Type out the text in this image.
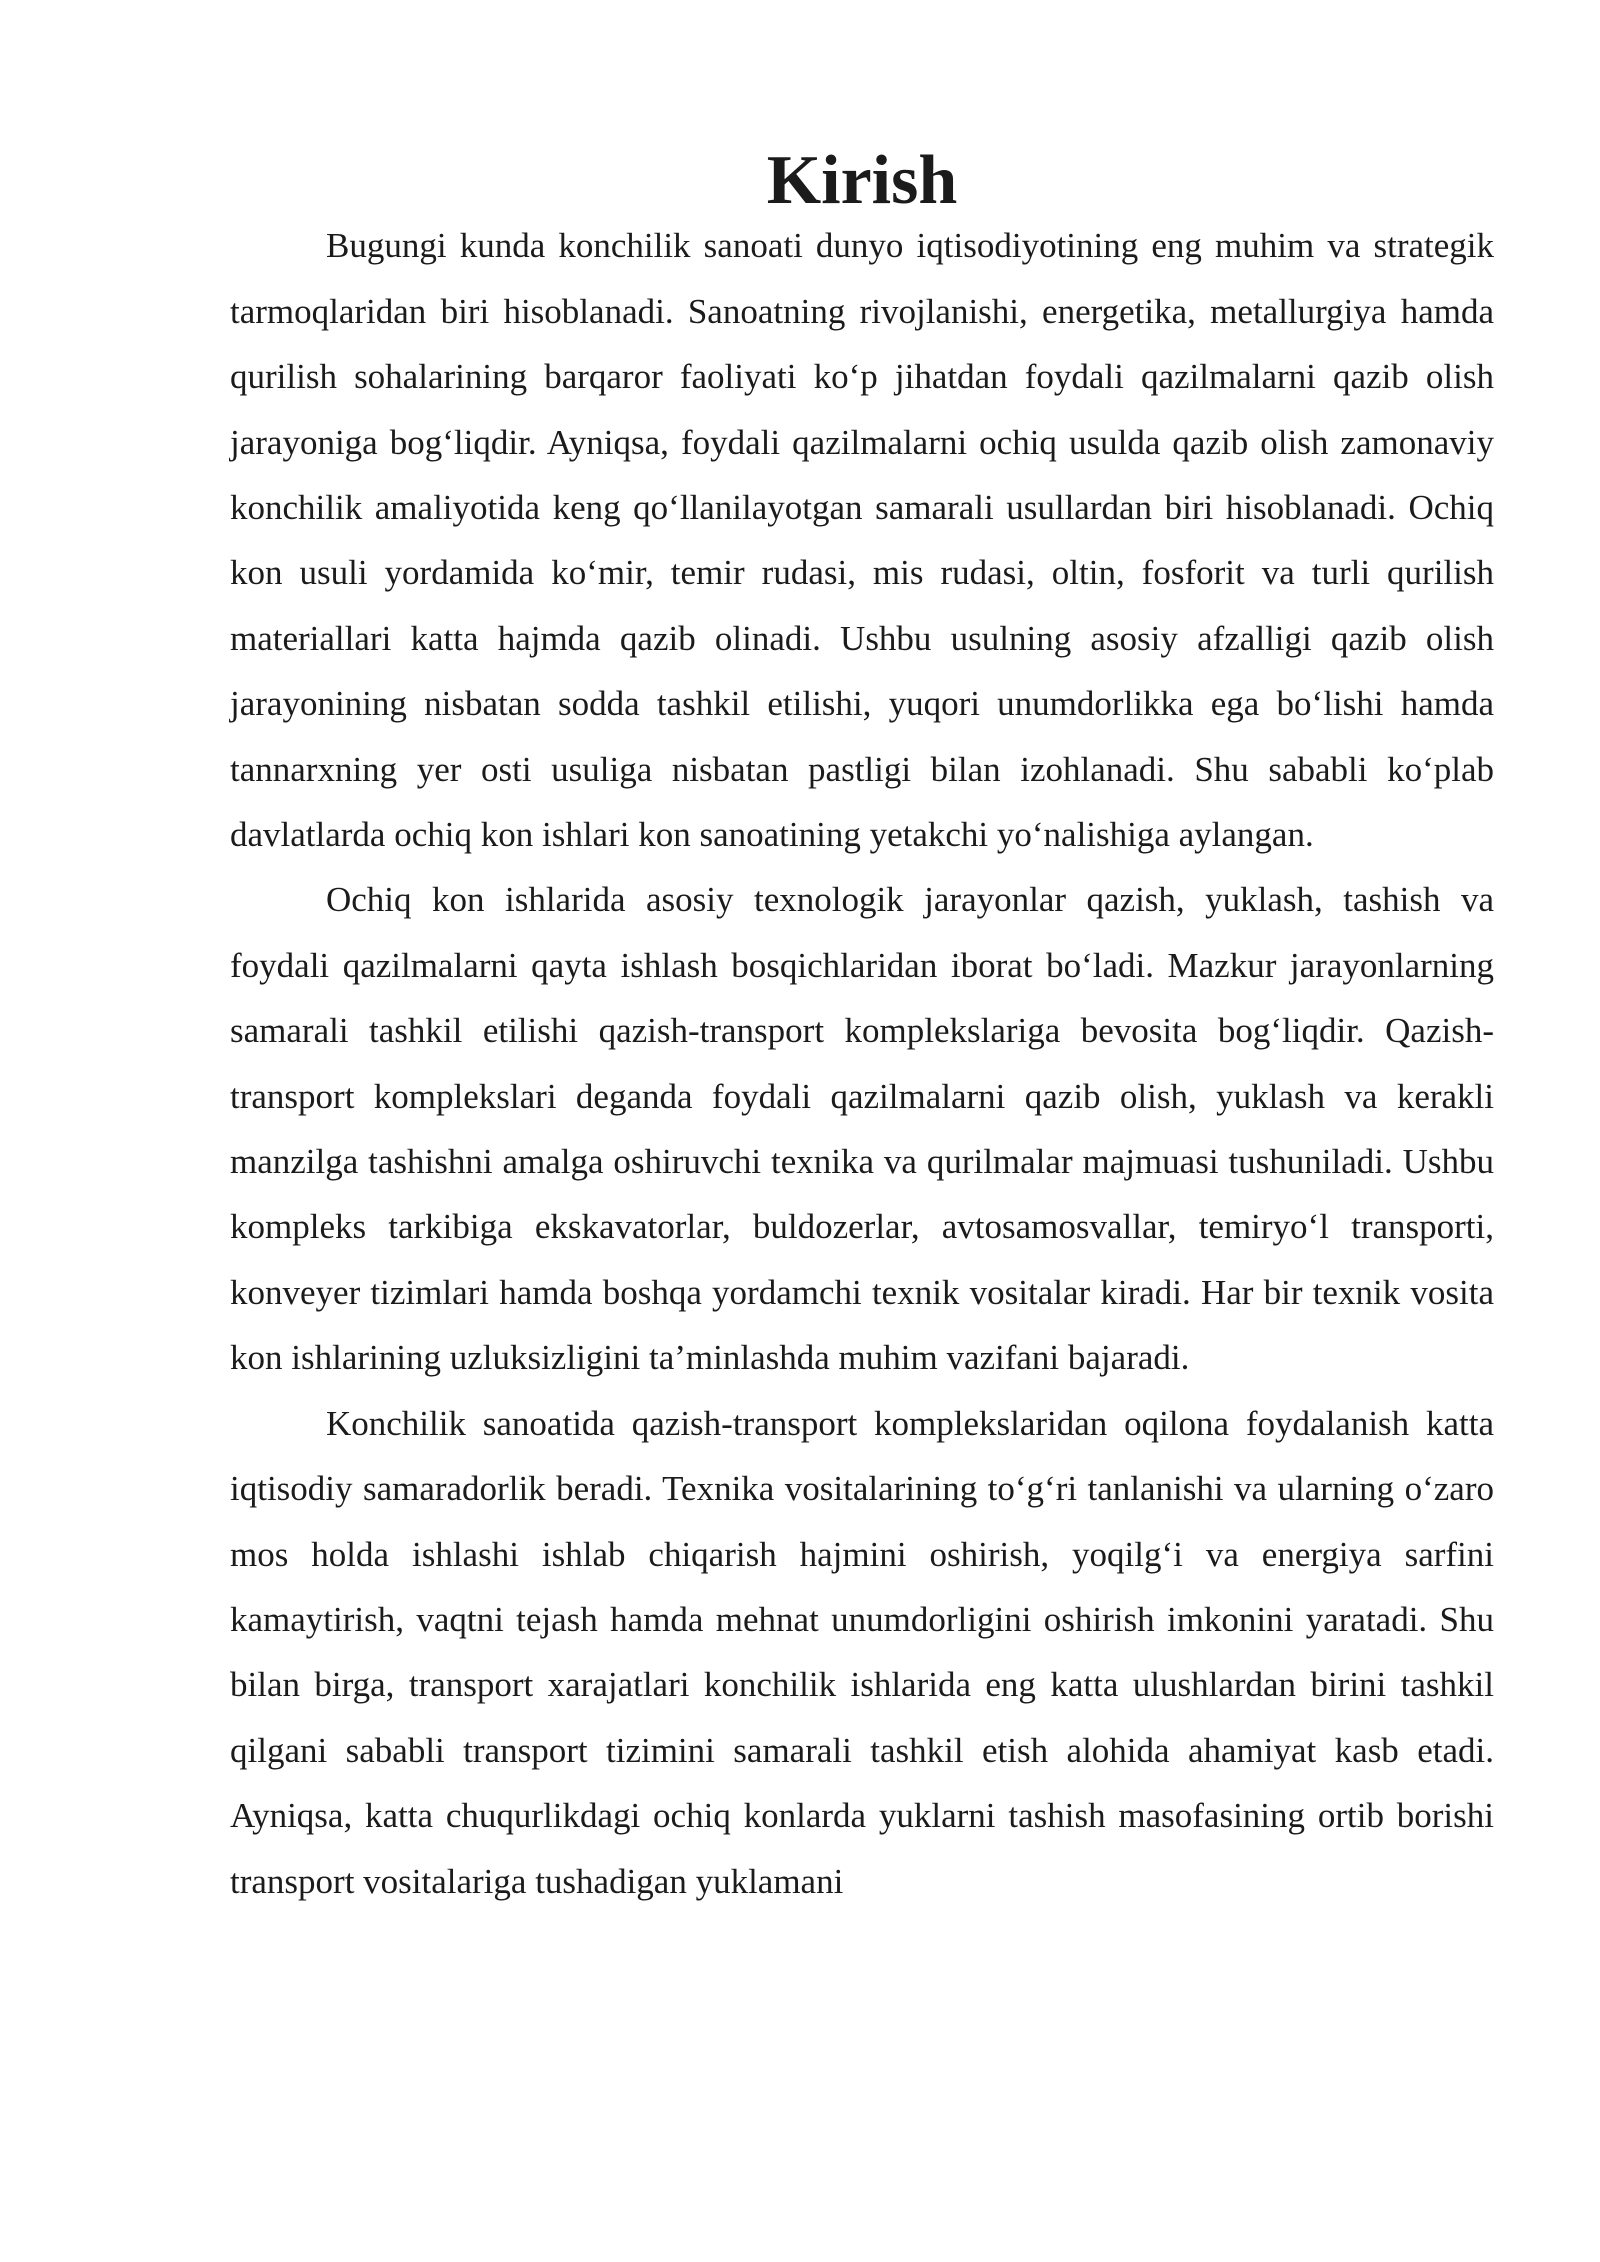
Kirish

Bugungi kunda konchilik sanoati dunyo iqtisodiyotining eng muhim va strategik tarmoqlaridan biri hisoblanadi. Sanoatning rivojlanishi, energetika, metallurgiya hamda qurilish sohalarining barqaror faoliyati ko‘p jihatdan foydali qazilmalarni qazib olish jarayoniga bog‘liqdir. Ayniqsa, foydali qazilmalarni ochiq usulda qazib olish zamonaviy konchilik amaliyotida keng qo‘llanilayotgan samarali usullardan biri hisoblanadi. Ochiq kon usuli yordamida ko‘mir, temir rudasi, mis rudasi, oltin, fosforit va turli qurilish materiallari katta hajmda qazib olinadi. Ushbu usulning asosiy afzalligi qazib olish jarayonining nisbatan sodda tashkil etilishi, yuqori unumdorlikka ega bo‘lishi hamda tannarxning yer osti usuliga nisbatan pastligi bilan izohlanadi. Shu sababli ko‘plab davlatlarda ochiq kon ishlari kon sanoatining yetakchi yo‘nalishiga aylangan.

Ochiq kon ishlarida asosiy texnologik jarayonlar qazish, yuklash, tashish va foydali qazilmalarni qayta ishlash bosqichlaridan iborat bo‘ladi. Mazkur jarayonlarning samarali tashkil etilishi qazish-transport komplekslariga bevosita bog‘liqdir. Qazish-transport komplekslari deganda foydali qazilmalarni qazib olish, yuklash va kerakli manzilga tashishni amalga oshiruvchi texnika va qurilmalar majmuasi tushuniladi. Ushbu kompleks tarkibiga ekskavatorlar, buldozerlar, avtosamosvallar, temiryo‘l transporti, konveyer tizimlari hamda boshqa yordamchi texnik vositalar kiradi. Har bir texnik vosita kon ishlarining uzluksizligini ta’minlashda muhim vazifani bajaradi.

Konchilik sanoatida qazish-transport komplekslaridan oqilona foydalanish katta iqtisodiy samaradorlik beradi. Texnika vositalarining to‘g‘ri tanlanishi va ularning o‘zaro mos holda ishlashi ishlab chiqarish hajmini oshirish, yoqilg‘i va energiya sarfini kamaytirish, vaqtni tejash hamda mehnat unumdorligini oshirish imkonini yaratadi. Shu bilan birga, transport xarajatlari konchilik ishlarida eng katta ulushlardan birini tashkil qilgani sababli transport tizimini samarali tashkil etish alohida ahamiyat kasb etadi. Ayniqsa, katta chuqurlikdagi ochiq konlarda yuklarni tashish masofasining ortib borishi transport vositalariga tushadigan yuklamani
